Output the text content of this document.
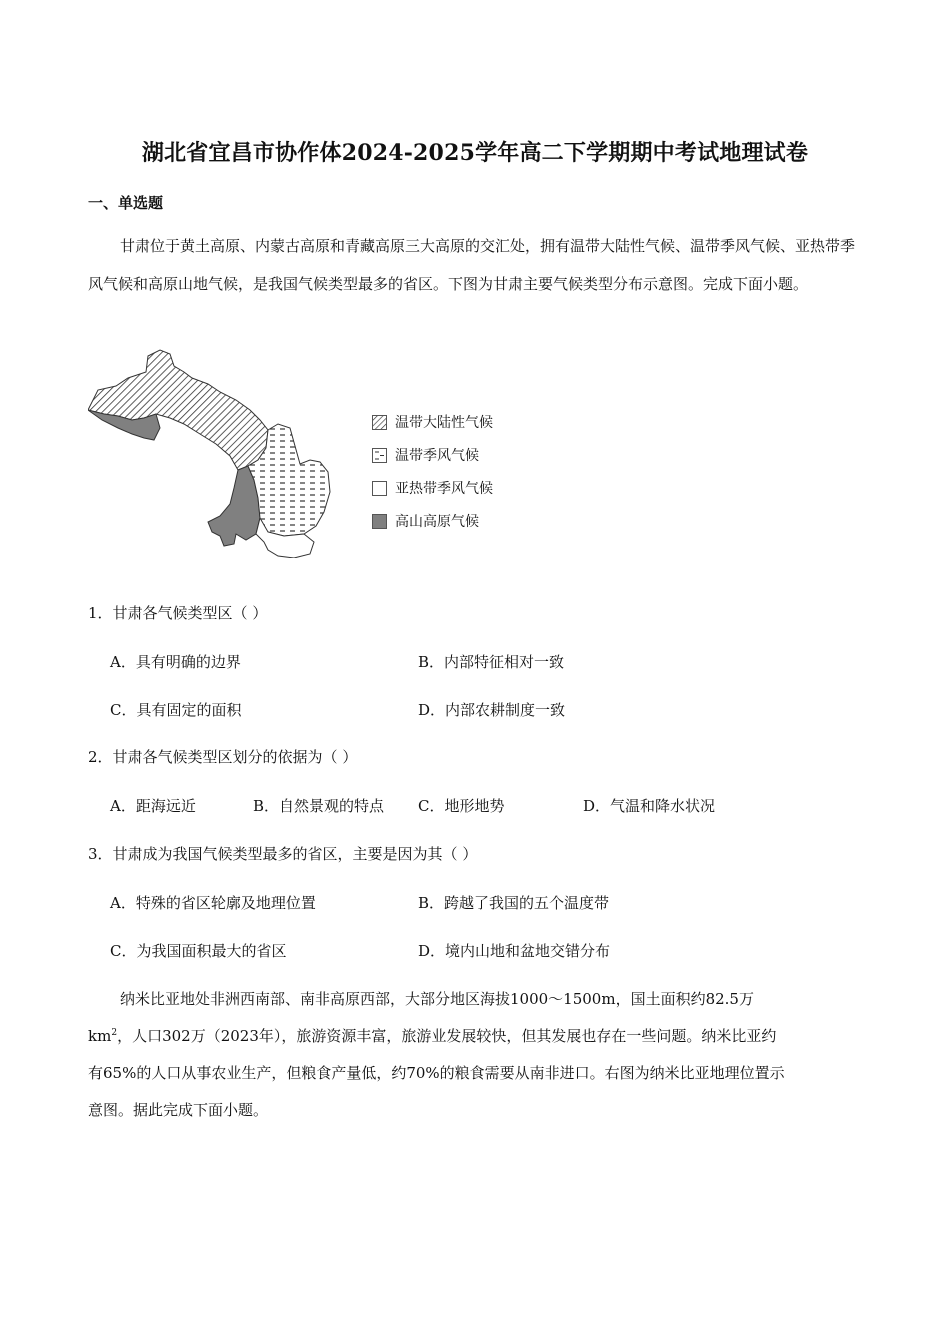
湖北省宜昌市协作体2024-2025学年高二下学期期中考试地理试卷
一、单选题

甘肃位于黄土高原、内蒙古高原和青藏高原三大高原的交汇处，拥有温带大陆性气候、温带季风气候、亚热带季风气候和高原山地气候，是我国气候类型最多的省区。下图为甘肃主要气候类型分布示意图。完成下面小题。

温带大陆性气候
温带季风气候
亚热带季风气候
高山高原气候
1．甘肃各气候类型区（ ）
A．具有明确的边界	B．内部特征相对一致
C．具有固定的面积	D．内部农耕制度一致
2．甘肃各气候类型区划分的依据为（ ）
A．距海远近	B．自然景观的特点 C．地形地势	D．气温和降水状况
3．甘肃成为我国气候类型最多的省区，主要是因为其（ ）
A．特殊的省区轮廓及地理位置	B．跨越了我国的五个温度带
C．为我国面积最大的省区	D．境内山地和盆地交错分布
纳米比亚地处非洲西南部、南非高原西部，大部分地区海拔1000～1500m，国土面积约82.5万
$km^2$，人口302万（2023年），旅游资源丰富，旅游业发展较快，但其发展也存在一些问题。纳米比亚约
有65%的人口从事农业生产，但粮食产量低，约70%的粮食需要从南非进口。右图为纳米比亚地理位置示
意图。据此完成下面小题。
